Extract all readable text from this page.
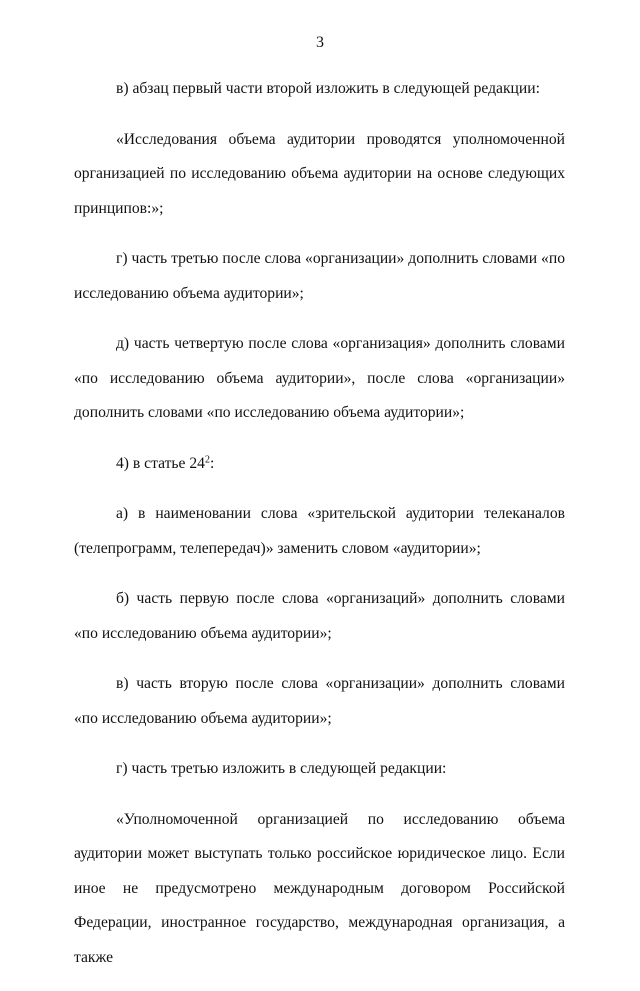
3

в) абзац первый части второй изложить в следующей редакции:

«Исследования объема аудитории проводятся уполномоченной организацией по исследованию объема аудитории на основе следующих принципов:»;

г) часть третью после слова «организации» дополнить словами «по исследованию объема аудитории»;

д) часть четвертую после слова «организация» дополнить словами «по исследованию объема аудитории», после слова «организации» дополнить словами «по исследованию объема аудитории»;

4) в статье $24^2$:

а) в наименовании слова «зрительской аудитории телеканалов (телепрограмм, телепередач)» заменить словом «аудитории»;

б) часть первую после слова «организаций» дополнить словами «по исследованию объема аудитории»;

в) часть вторую после слова «организации» дополнить словами «по исследованию объема аудитории»;

г) часть третью изложить в следующей редакции:

«Уполномоченной организацией по исследованию объема аудитории может выступать только российское юридическое лицо. Если иное не предусмотрено международным договором Российской Федерации, иностранное государство, международная организация, а также
